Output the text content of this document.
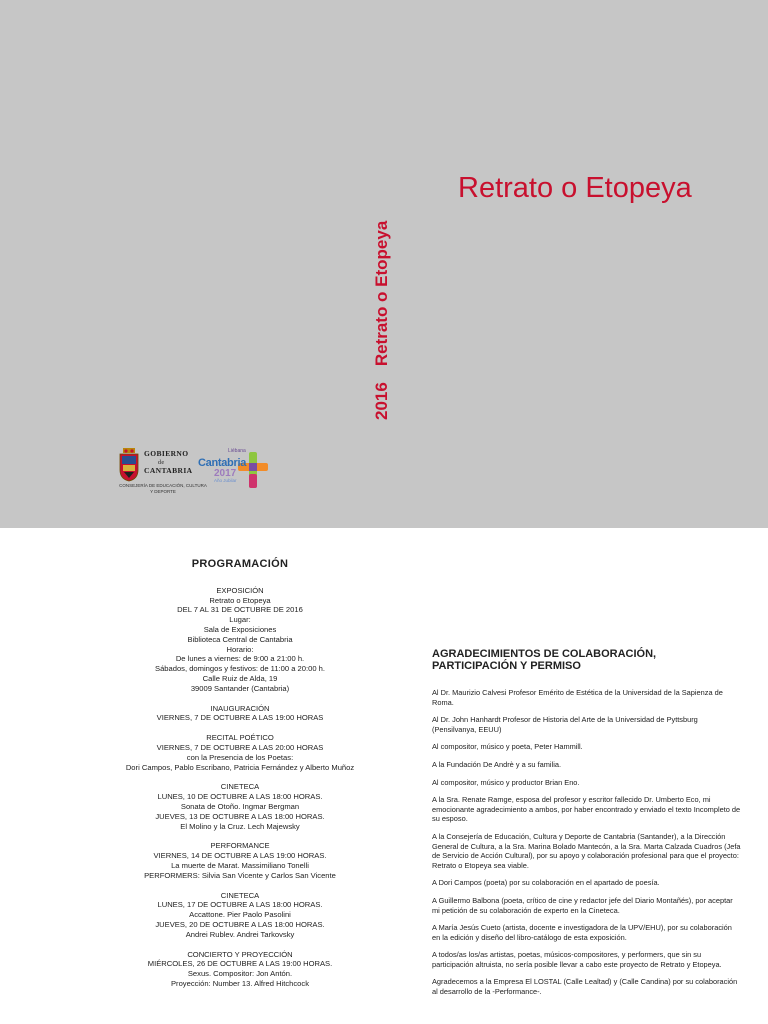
Retrato o Etopeya
2016Retrato o Etopeya
GOBIERNO
de
CANTABRIA
CONSEJERÍA DE EDUCACIÓN, CULTURA Y DEPORTE
Liébana
Cantabria
2017
Año Jubilar
PROGRAMACIÓN
EXPOSICIÓN
Retrato o Etopeya
DEL 7 AL 31 DE OCTUBRE DE 2016
Lugar:
Sala de Exposiciones
Biblioteca Central de Cantabria
Horario:
De lunes a viernes: de 9:00 a 21:00 h.
Sábados, domingos y festivos: de 11:00 a 20:00 h.
Calle Ruiz de Alda, 19
39009 Santander (Cantabria)
INAUGURACIÓN
VIERNES, 7 DE OCTUBRE A LAS 19:00 HORAS
RECITAL POÉTICO
VIERNES, 7 DE OCTUBRE A LAS 20:00 HORAS
con la Presencia de los Poetas:
Dori Campos, Pablo Escribano, Patricia Fernández y Alberto Muñoz
CINETECA
LUNES, 10 DE OCTUBRE A LAS 18:00 HORAS.
Sonata de Otoño. Ingmar Bergman
JUEVES, 13 DE OCTUBRE A LAS 18:00 HORAS.
El Molino y la Cruz. Lech Majewsky
PERFORMANCE
VIERNES, 14 DE OCTUBRE A LAS 19:00 HORAS.
La muerte de Marat. Massimiliano Tonelli
PERFORMERS: Silvia San Vicente y Carlos San Vicente
CINETECA
LUNES, 17 DE OCTUBRE A LAS 18:00 HORAS.
Accattone. Pier Paolo Pasolini
JUEVES, 20 DE OCTUBRE A LAS 18:00 HORAS.
Andrei Rublev. Andrei Tarkovsky
CONCIERTO Y PROYECCIÓN
MIÉRCOLES, 26 DE OCTUBRE A LAS 19:00 HORAS.
Sexus. Compositor: Jon Antón.
Proyección: Number 13. Alfred Hitchcock
AGRADECIMIENTOS DE COLABORACIÓN, PARTICIPACIÓN Y PERMISO

Al Dr. Maurizio Calvesi Profesor Emérito de Estética de la Universidad de la Sapienza de Roma.

Al Dr. John Hanhardt Profesor de Historia del Arte de la Universidad de Pyttsburg (Pensilvanya, EEUU)

Al compositor, músico y poeta, Peter Hammill.

A la Fundación De Andrè y a su familia.

Al compositor, músico y productor Brian Eno.

A la Sra. Renate Ramge, esposa del profesor y escritor fallecido Dr. Umberto Eco, mi emocionante agradecimiento a ambos, por haber encontrado y enviado el texto Incompleto de su esposo.

A la Consejería de Educación, Cultura y Deporte de Cantabria (Santander), a la Dirección General de Cultura, a la Sra. Marina Bolado Mantecón, a la Sra. Marta Calzada Cuadros (Jefa de Servicio de Acción Cultural), por su apoyo y colaboración profesional para que el proyecto: Retrato o Etopeya sea viable.

A Dori Campos (poeta) por su colaboración en el apartado de poesía.

A Guillermo Balbona (poeta, crítico de cine y redactor jefe del Diario Montañés), por aceptar mi petición de su colaboración de experto en la Cineteca.

A María Jesús Cueto (artista, docente e investigadora de la UPV/EHU), por su colaboración en la edición y diseño del libro-catálogo de esta exposición.

A todos/as los/as artistas, poetas, músicos-compositores, y performers, que sin su participación altruista, no sería posible llevar a cabo este proyecto de Retrato y Etopeya.

Agradecemos a la Empresa El LOSTAL (Calle Lealtad) y (Calle Candina) por su colaboración al desarrollo de la -Performance-.
